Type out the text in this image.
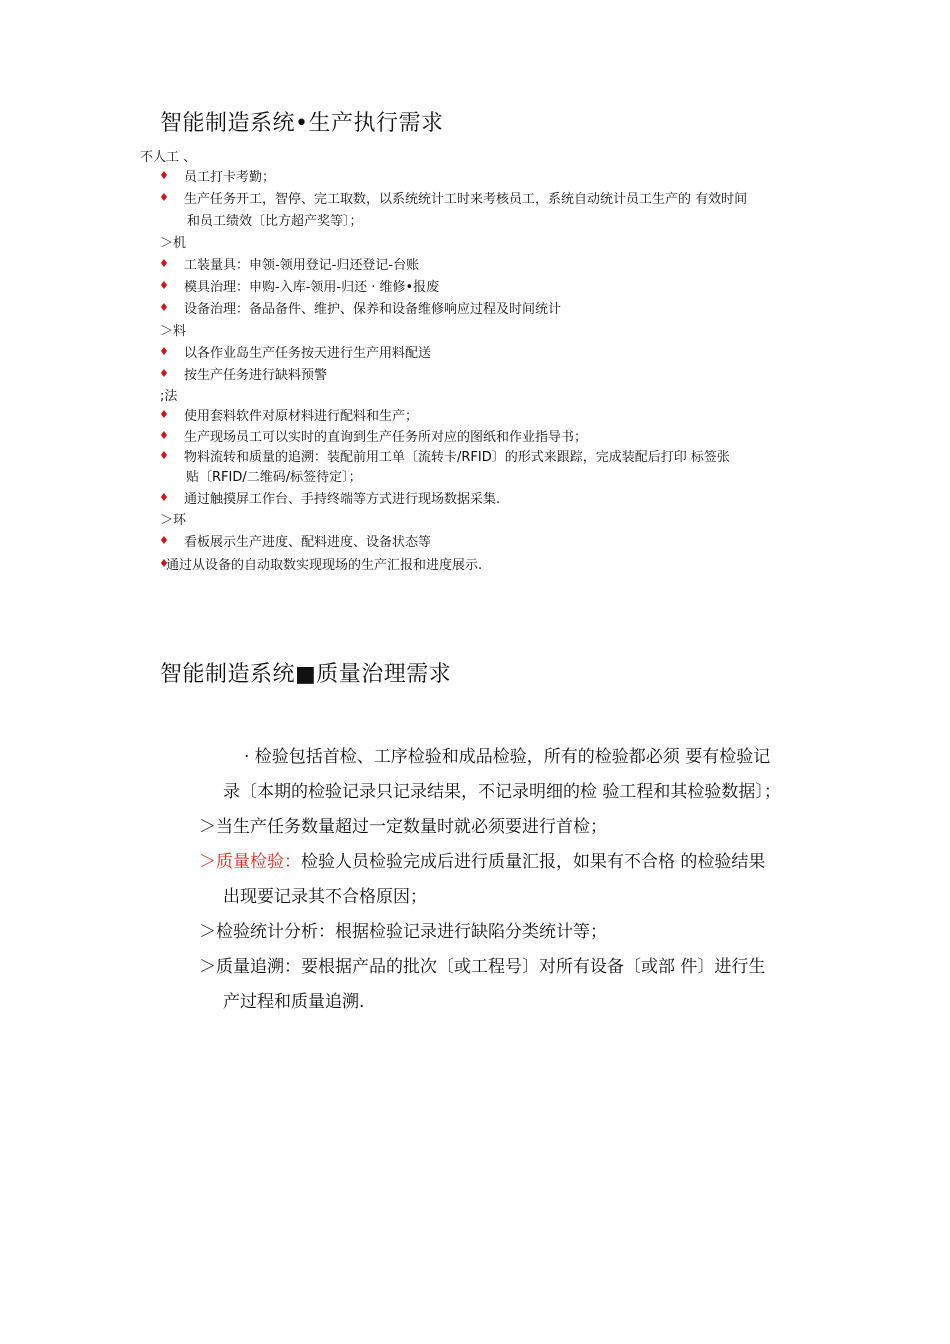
智能制造系统•生产执行需求
不人工 、
♦ 员工打卡考勤；
♦ 生产任务开工，智停、完工取数，以系统统计工时来考核员工，系统自动统计员工生产的 有效时间
和员工绩效〔比方超产奖等〕；
＞机
♦ 工装量具：申领-领用登记-归还登记-台账
♦ 模具治理：申购-入库-领用-归还 · 维修•报废
♦ 设备治理：备品备件、维护、保养和设备维修响应过程及时间统计
＞料
♦ 以各作业岛生产任务按天进行生产用料配送
♦ 按生产任务进行缺料预警
;法
♦ 使用套料软件对原材料进行配料和生产；
♦ 生产现场员工可以实时的直询到生产任务所对应的图纸和作业指导书；
♦ 物料流转和质量的追溯：装配前用工单〔流转卡/RFID〕的形式来跟踪，完成装配后打印 标签张
贴〔RFID/二维码/标签待定〕；
♦ 通过触摸屏工作台、手持终端等方式进行现场数据采集.
＞环
♦ 看板展示生产进度、配料进度、设备状态等
♦
通过从设备的自动取数实现现场的生产汇报和进度展示.
智能制造系统■质量治理需求
· 检验包括首检、工序检验和成品检验，所有的检验都必须 要有检验记
录〔本期的检验记录只记录结果，不记录明细的检 验工程和其检验数据〕；
＞当生产任务数量超过一定数量时就必须要进行首检；
＞质量检验：检验人员检验完成后进行质量汇报，如果有不合格 的检验结果
出现要记录其不合格原因；
＞检验统计分析：根据检验记录进行缺陷分类统计等；
＞质量追溯：要根据产品的批次〔或工程号〕对所有设备〔或部 件〕进行生
产过程和质量追溯.
